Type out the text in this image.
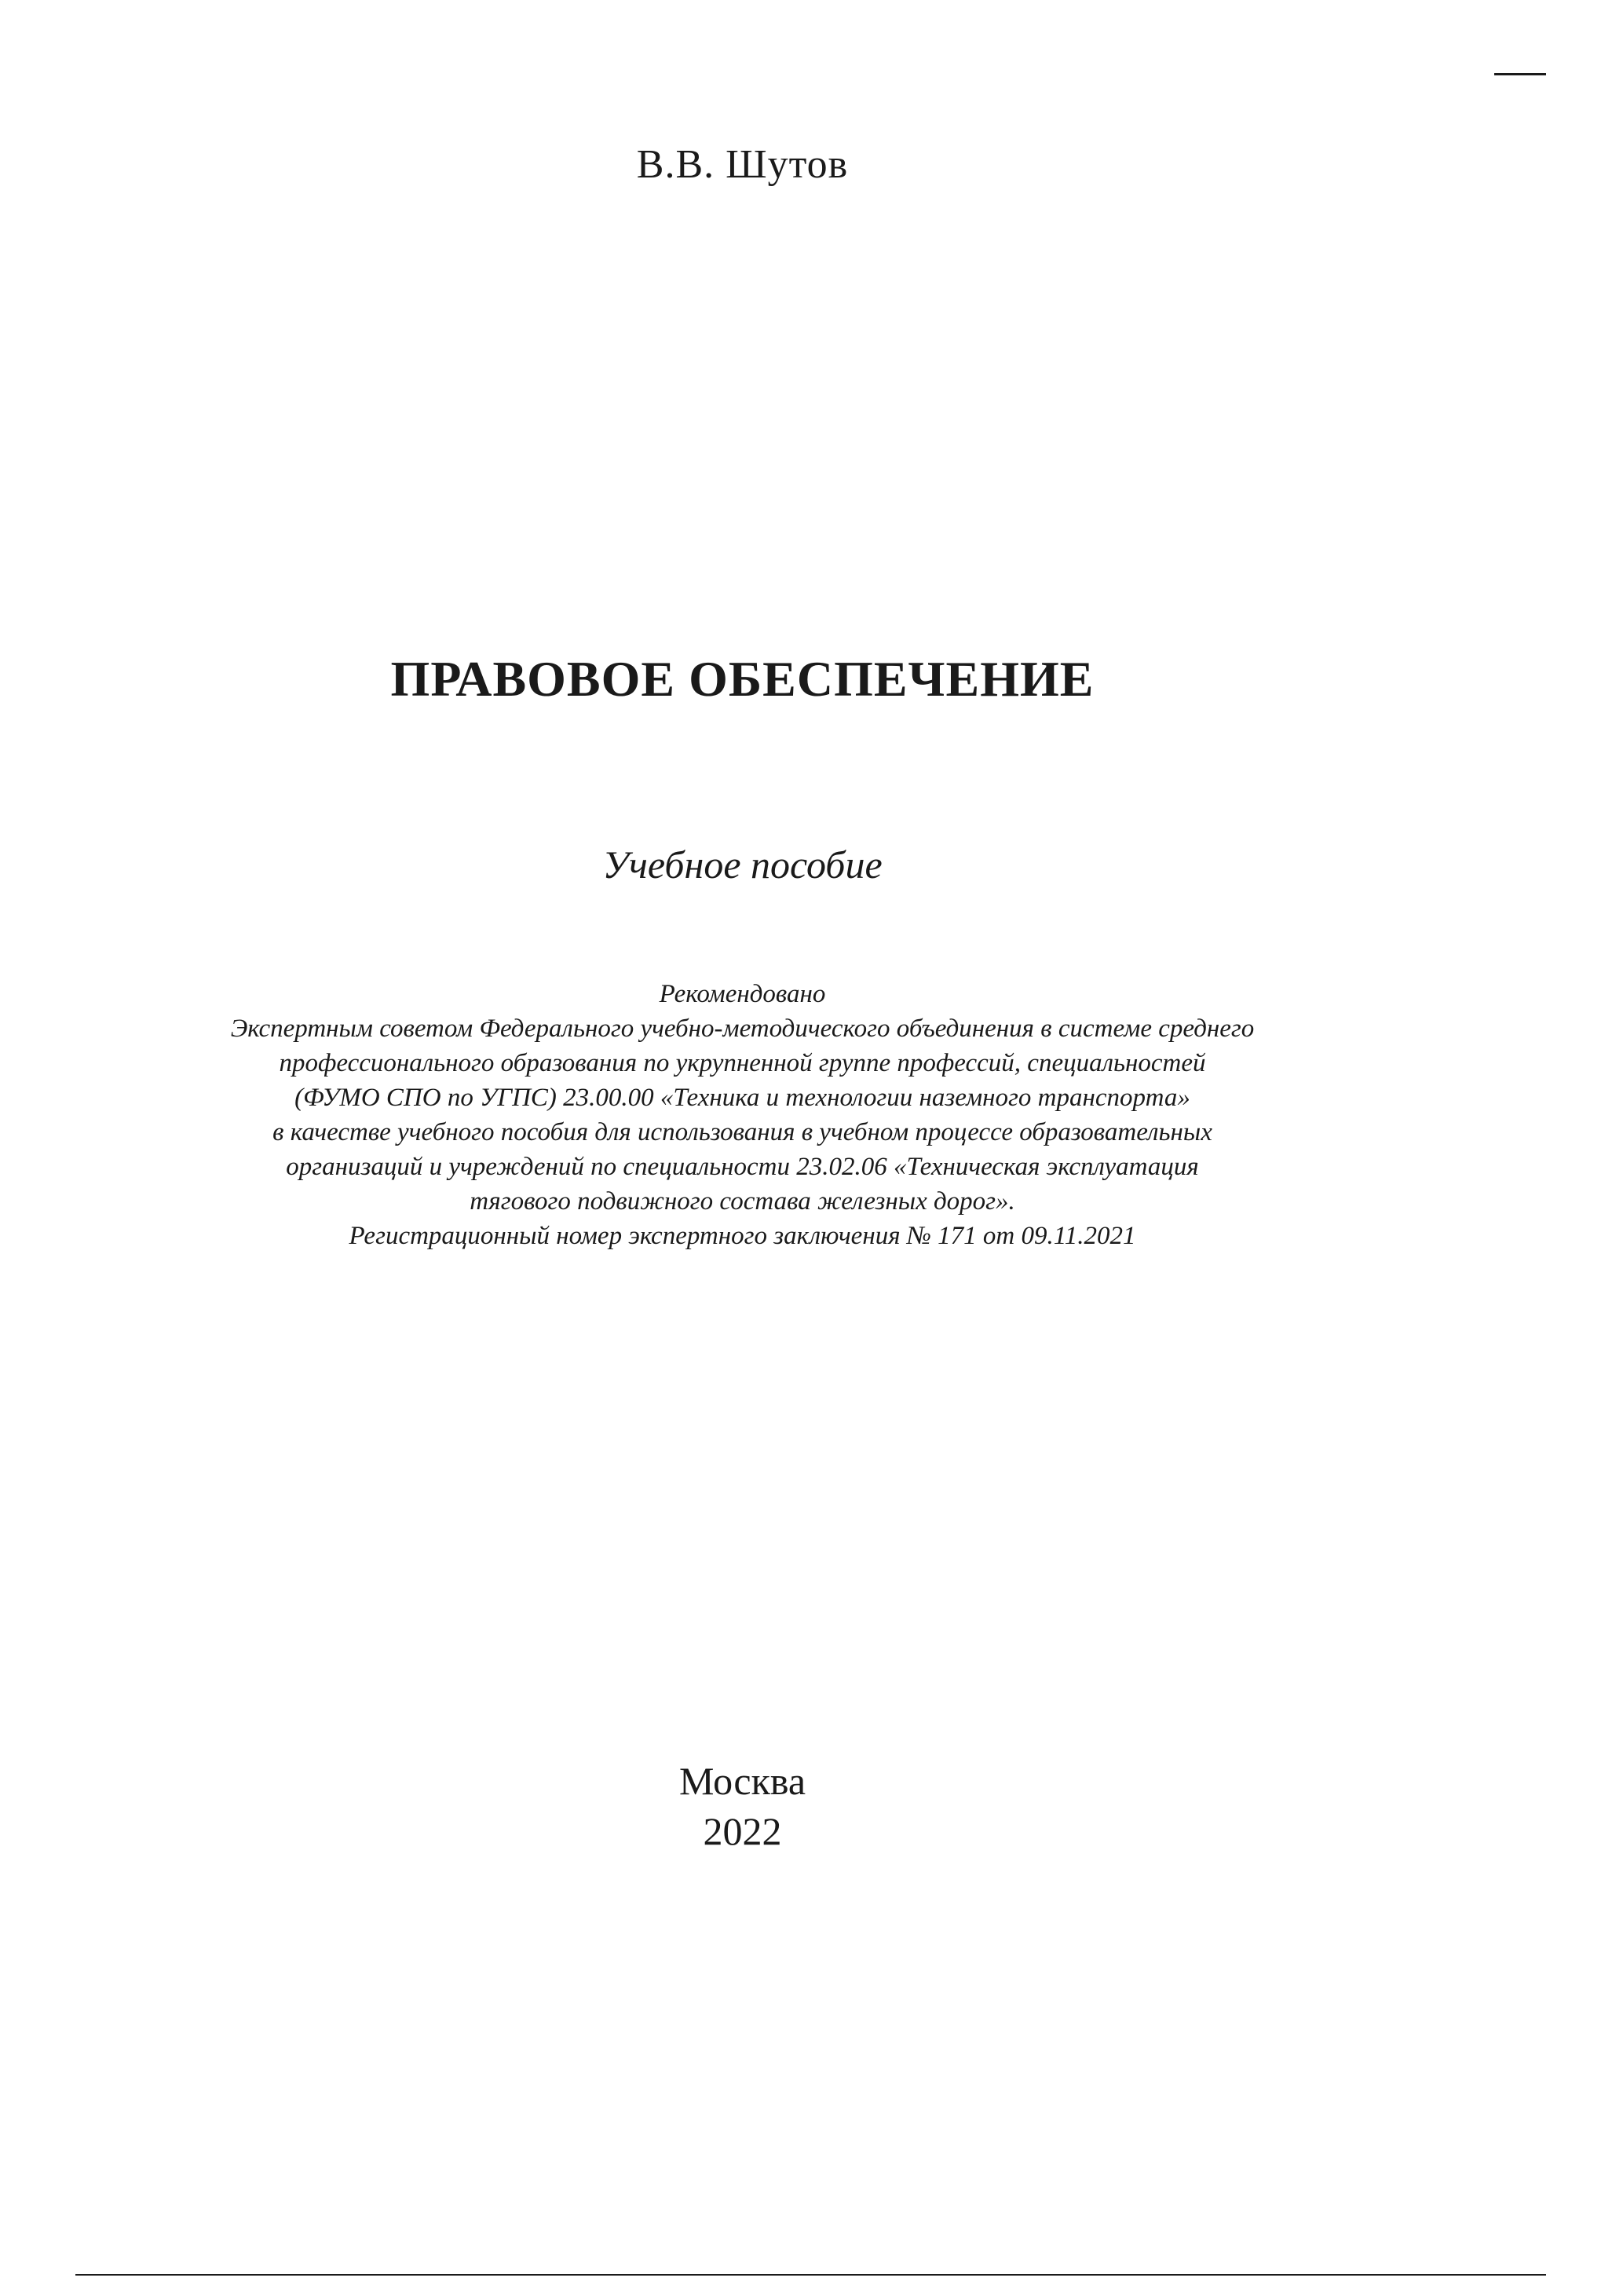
В.В. Шутов
ПРАВОВОЕ ОБЕСПЕЧЕНИЕ
Учебное пособие
Рекомендовано
Экспертным советом Федерального учебно-методического объединения в системе среднего
профессионального образования по укрупненной группе профессий, специальностей
(ФУМО СПО по УГПС) 23.00.00 «Техника и технологии наземного транспорта»
в качестве учебного пособия для использования в учебном процессе образовательных
организаций и учреждений по специальности 23.02.06 «Техническая эксплуатация
тягового подвижного состава железных дорог».
Регистрационный номер экспертного заключения № 171 от 09.11.2021
Москва
2022
